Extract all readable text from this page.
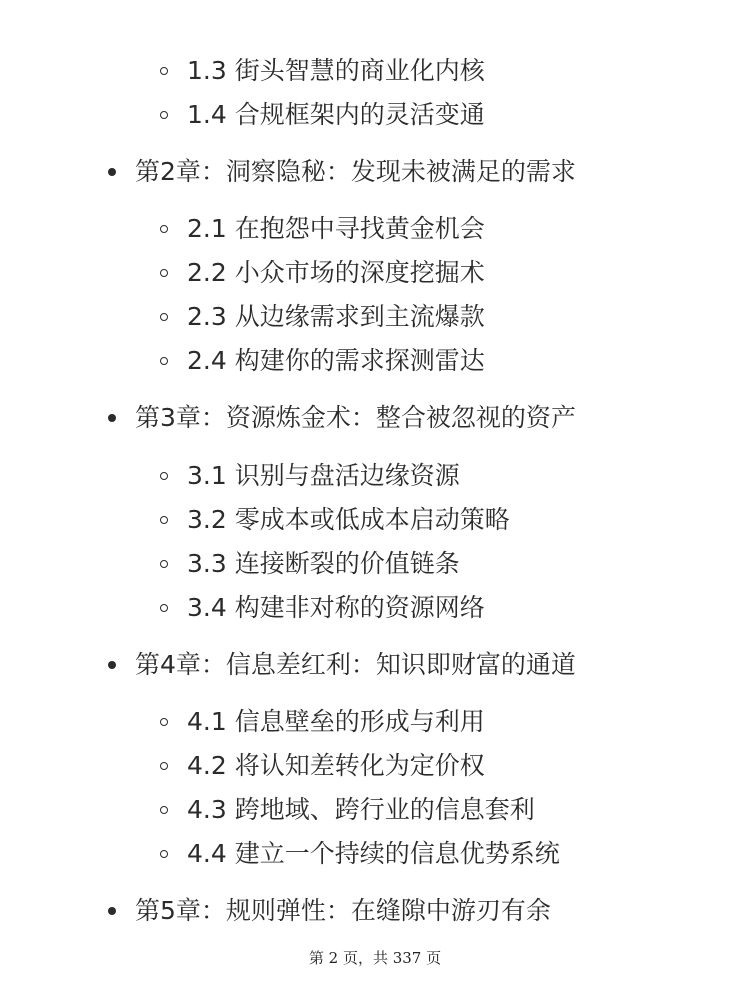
1.3 街头智慧的商业化内核
1.4 合规框架内的灵活变通
第2章：洞察隐秘：发现未被满足的需求
2.1 在抱怨中寻找黄金机会
2.2 小众市场的深度挖掘术
2.3 从边缘需求到主流爆款
2.4 构建你的需求探测雷达
第3章：资源炼金术：整合被忽视的资产
3.1 识别与盘活边缘资源
3.2 零成本或低成本启动策略
3.3 连接断裂的价值链条
3.4 构建非对称的资源网络
第4章：信息差红利：知识即财富的通道
4.1 信息壁垒的形成与利用
4.2 将认知差转化为定价权
4.3 跨地域、跨行业的信息套利
4.4 建立一个持续的信息优势系统
第5章：规则弹性：在缝隙中游刃有余
第 2 页，共 337 页
